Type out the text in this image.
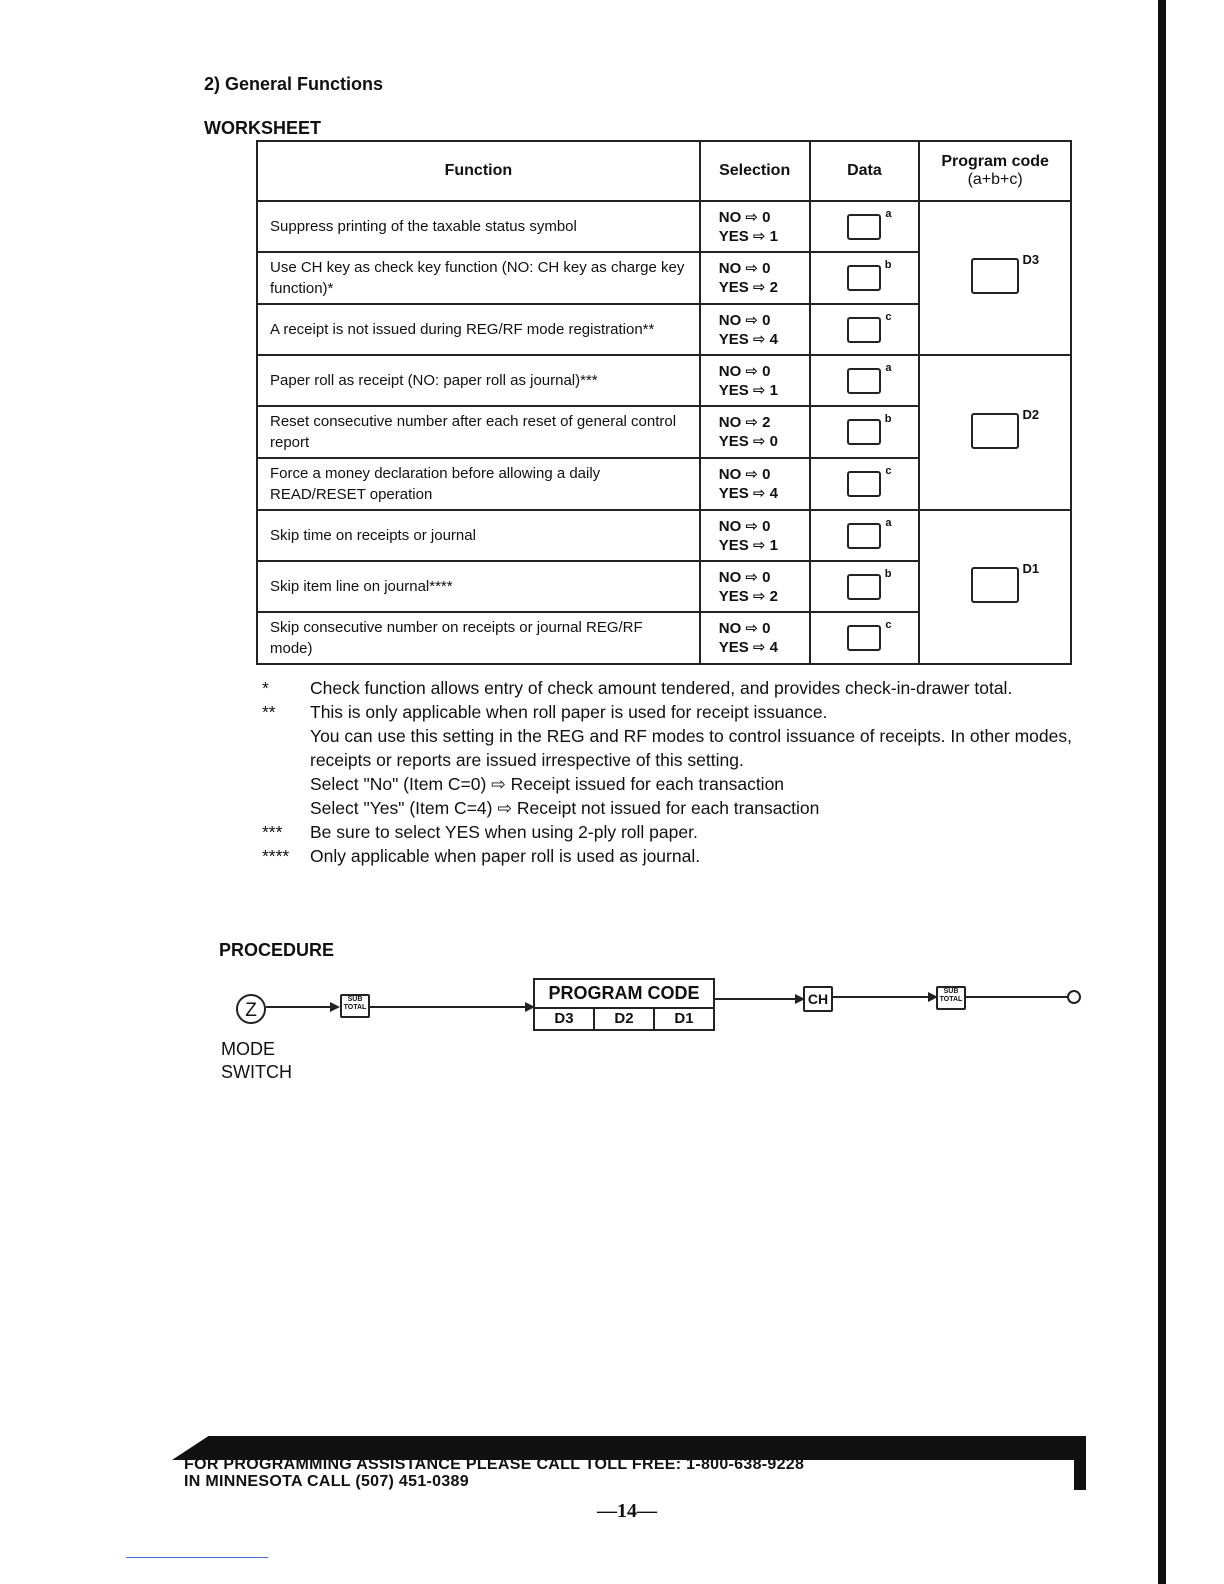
2) General Functions
WORKSHEET
Function	Selection	Data	Program code
(a+b+c)

Suppress printing of the taxable status symbol	NO ⇨ 0
YES ⇨ 1	a	D3

Use CH key as check key function (NO: CH key as charge key function)*	NO ⇨ 0
YES ⇨ 2	b	

A receipt is not issued during REG/RF mode registration**	NO ⇨ 0
YES ⇨ 4	c	

Paper roll as receipt (NO: paper roll as journal)***	NO ⇨ 0
YES ⇨ 1	a	D2

Reset consecutive number after each reset of general control report	NO ⇨ 2
YES ⇨ 0	b	

Force a money declaration before allowing a daily READ/RESET operation	NO ⇨ 0
YES ⇨ 4	c	

Skip time on receipts or journal	NO ⇨ 0
YES ⇨ 1	a	D1

Skip item line on journal****	NO ⇨ 0
YES ⇨ 2	b	

Skip consecutive number on receipts or journal REG/RF mode)	NO ⇨ 0
YES ⇨ 4	c	
*	Check function allows entry of check amount tendered, and provides check-in-drawer total.
**	This is only applicable when roll paper is used for receipt issuance.
You can use this setting in the REG and RF modes to control issuance of receipts. In other modes, receipts or reports are issued irrespective of this setting.
Select "No" (Item C=0) ⇨ Receipt issued for each transaction
Select "Yes" (Item C=4) ⇨ Receipt not issued for each transaction
***	Be sure to select YES when using 2-ply roll paper.
****	Only applicable when paper roll is used as journal.
PROCEDURE
Z
SUB
TOTAL
PROGRAM CODE
D3	D2	D1
CH	SUB
TOTAL
MODE
SWITCH
FOR PROGRAMMING ASSISTANCE PLEASE CALL TOLL FREE: 1-800-638-9228
IN MINNESOTA CALL (507) 451-0389
—14—
